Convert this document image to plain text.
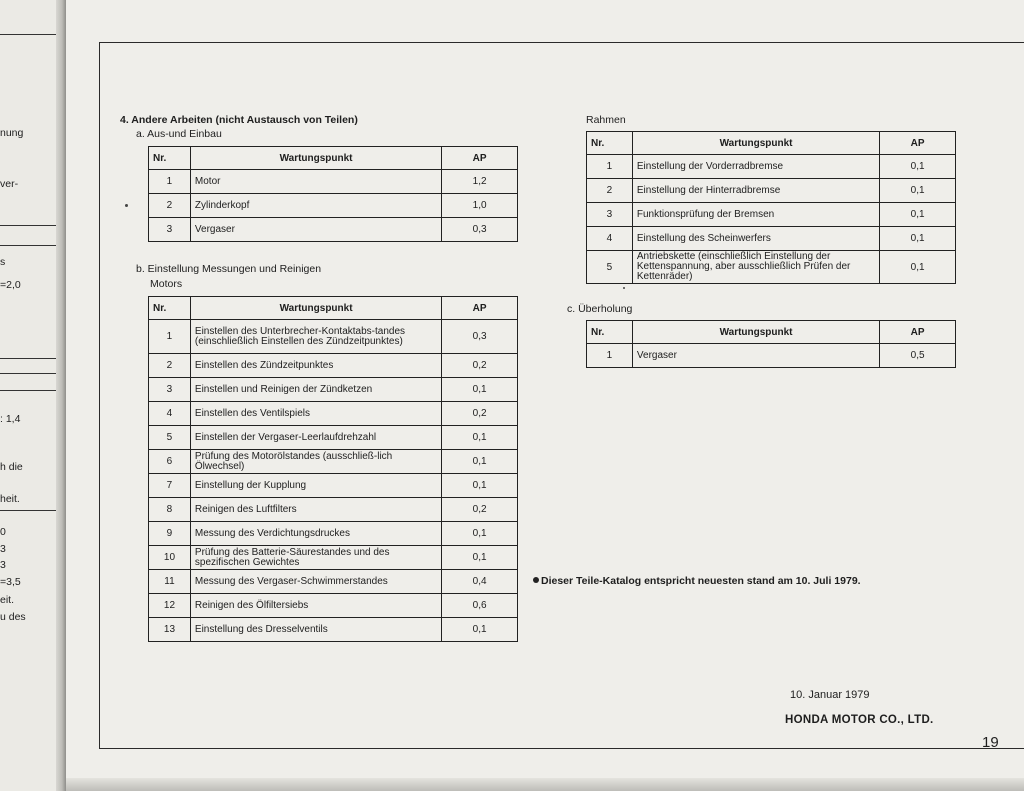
nung
ver-
s
=2,0
: 1,4
h die
heit.
0
3
3
=3,5
eit.
u des
4. Andere Arbeiten (nicht Austausch von Teilen)
a. Aus-und Einbau
Nr.	Wartungspunkt	AP
1	Motor	1,2
2	Zylinderkopf	1,0
3	Vergaser	0,3
b. Einstellung Messungen und Reinigen
Motors
Nr.	Wartungspunkt	AP
1	Einstellen des Unterbrecher-Kontaktabs-tandes (einschließlich Einstellen des Zündzeitpunktes)	0,3
2	Einstellen des Zündzeitpunktes	0,2
3	Einstellen und Reinigen der Zündketzen	0,1
4	Einstellen des Ventilspiels	0,2
5	Einstellen der Vergaser-Leerlaufdrehzahl	0,1
6	Prüfung des Motorölstandes (ausschließ-lich Ölwechsel)	0,1
7	Einstellung der Kupplung	0,1
8	Reinigen des Luftfilters	0,2
9	Messung des Verdichtungsdruckes	0,1
10	Prüfung des Batterie-Säurestandes und des spezifischen Gewichtes	0,1
11	Messung des Vergaser-Schwimmerstandes	0,4
12	Reinigen des Ölfiltersiebs	0,6
13	Einstellung des Dresselventils	0,1
Rahmen
Nr.	Wartungspunkt	AP
1	Einstellung der Vorderradbremse	0,1
2	Einstellung der Hinterradbremse	0,1
3	Funktionsprüfung der Bremsen	0,1
4	Einstellung des Scheinwerfers	0,1
5	Antriebskette (einschließlich Einstellung der Kettenspannung, aber ausschließlich Prüfen der Kettenräder)	0,1
c. Überholung
Nr.	Wartungspunkt	AP
1	Vergaser	0,5
Dieser Teile-Katalog entspricht neuesten stand am 10. Juli 1979.
10. Januar 1979
HONDA MOTOR CO., LTD.
19
